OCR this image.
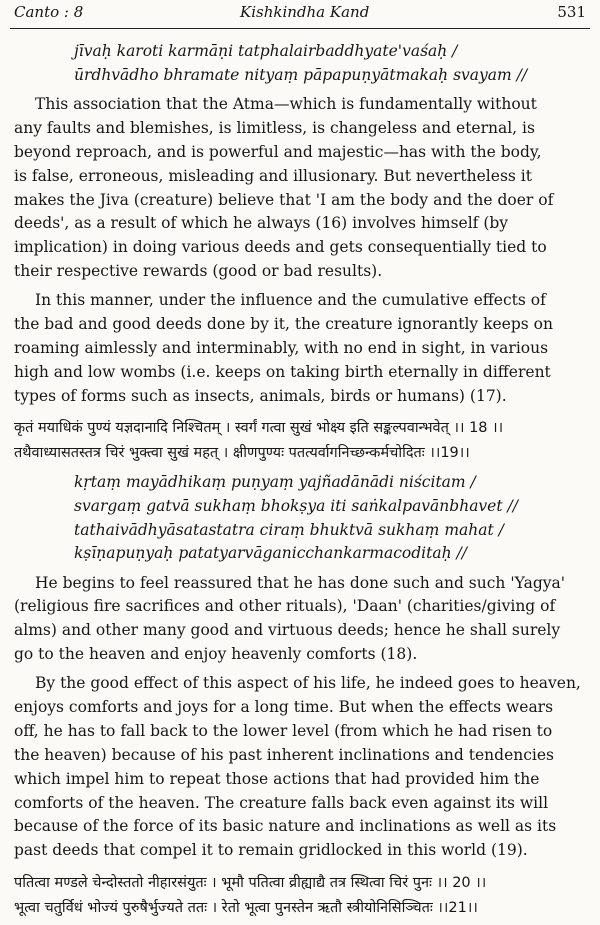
Canto : 8	Kishkindha Kand	531
jīvaḥ karoti karmāṇi tatphalairbaddhyate'vaśaḥ /
ūrdhvādho bhramate nityaṃ pāpapuṇyātmakaḥ svayam //
This association that the Atma—which is fundamentally without
any faults and blemishes, is limitless, is changeless and eternal, is
beyond reproach, and is powerful and majestic—has with the body,
is false, erroneous, misleading and illusionary. But nevertheless it
makes the Jiva (creature) believe that 'I am the body and the doer of
deeds', as a result of which he always (16) involves himself (by
implication) in doing various deeds and gets consequentially tied to
their respective rewards (good or bad results).
In this manner, under the influence and the cumulative effects of
the bad and good deeds done by it, the creature ignorantly keeps on
roaming aimlessly and interminably, with no end in sight, in various
high and low wombs (i.e. keeps on taking birth eternally in different
types of forms such as insects, animals, birds or humans) (17).
कृतं मयाधिकं पुण्यं यज्ञदानादि निश्चितम् । स्वर्गं गत्वा सुखं भोक्ष्य इति सङ्कल्पवान्भवेत् ।। 18 ।।
तथैवाध्यासतस्तत्र चिरं भुक्त्वा सुखं महत् । क्षीणपुण्यः पतत्यर्वागनिच्छन्कर्मचोदितः ।।19।।
kṛtaṃ mayādhikaṃ puṇyaṃ yajñadānādi niścitam /
svargaṃ gatvā sukhaṃ bhokṣya iti saṅkalpavānbhavet //
tathaivādhyāsatastatra ciraṃ bhuktvā sukhaṃ mahat /
kṣīṇapuṇyaḥ patatyarvāganicchankarmacoditaḥ //
He begins to feel reassured that he has done such and such 'Yagya'
(religious fire sacrifices and other rituals), 'Daan' (charities/giving of
alms) and other many good and virtuous deeds; hence he shall surely
go to the heaven and enjoy heavenly comforts (18).
By the good effect of this aspect of his life, he indeed goes to heaven,
enjoys comforts and joys for a long time. But when the effects wears
off, he has to fall back to the lower level (from which he had risen to
the heaven) because of his past inherent inclinations and tendencies
which impel him to repeat those actions that had provided him the
comforts of the heaven. The creature falls back even against its will
because of the force of its basic nature and inclinations as well as its
past deeds that compel it to remain gridlocked in this world (19).
पतित्वा मण्डले चेन्दोस्ततो नीहारसंयुतः । भूमौ पतित्वा व्रीह्याद्यै तत्र स्थित्वा चिरं पुनः ।। 20 ।।
भूत्वा चतुर्विधं भोज्यं पुरुषैर्भुज्यते ततः । रेतो भूत्वा पुनस्तेन ऋतौ स्त्रीयोनिसिञ्चितः ।।21।।
